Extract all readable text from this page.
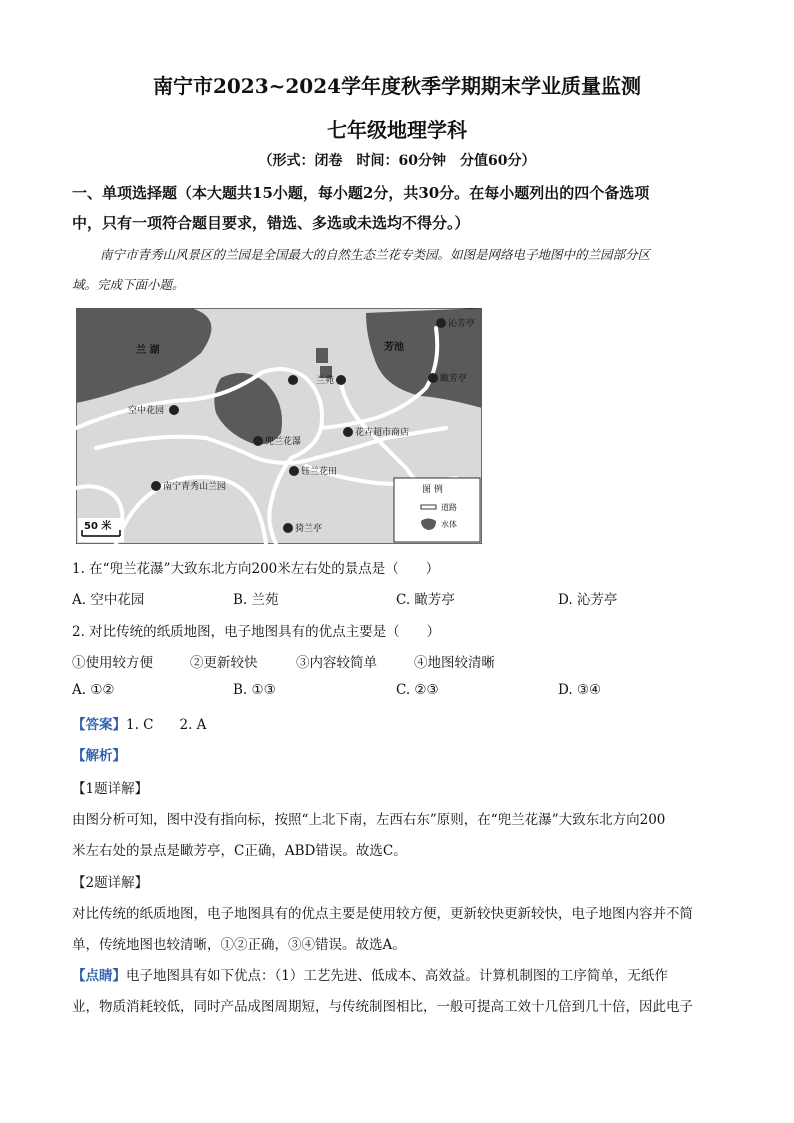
南宁市2023~2024学年度秋季学期期末学业质量监测
七年级地理学科
（形式：闭卷　时间：60分钟　分值60分）
一、单项选择题（本大题共15小题，每小题2分，共30分。在每小题列出的四个备选项
中，只有一项符合题目要求，错选、多选或未选均不得分。）
南宁市青秀山风景区的兰园是全国最大的自然生态兰花专类园。如图是网络电子地图中的兰园部分区
域。完成下面小题。
兰 湖	芳池
沁芳亭
兰苑	瞰芳亭
空中花园
兜兰花瀑
花卉超市商店
钰兰花田
南宁青秀山兰园
猗兰亭
50 米
图 例
道路
水体
1. 在“兜兰花瀑”大致东北方向200米左右处的景点是（　　）
A. 空中花园	B. 兰苑	C. 瞰芳亭	D. 沁芳亭
2. 对比传统的纸质地图，电子地图具有的优点主要是（　　）
①使用较方便	②更新较快	③内容较简单	④地图较清晰
A. ①②	B. ①③	C. ②③	D. ③④
【答案】1. C 2. A
【解析】
【1题详解】
由图分析可知，图中没有指向标，按照“上北下南，左西右东”原则，在“兜兰花瀑”大致东北方向200
米左右处的景点是瞰芳亭，C正确，ABD错误。故选C。
【2题详解】
对比传统的纸质地图，电子地图具有的优点主要是使用较方便，更新较快更新较快，电子地图内容并不简
单，传统地图也较清晰，①②正确，③④错误。故选A。
【点睛】电子地图具有如下优点：（1）工艺先进、低成本、高效益。计算机制图的工序简单，无纸作
业，物质消耗较低，同时产品成图周期短，与传统制图相比，一般可提高工效十几倍到几十倍，因此电子
